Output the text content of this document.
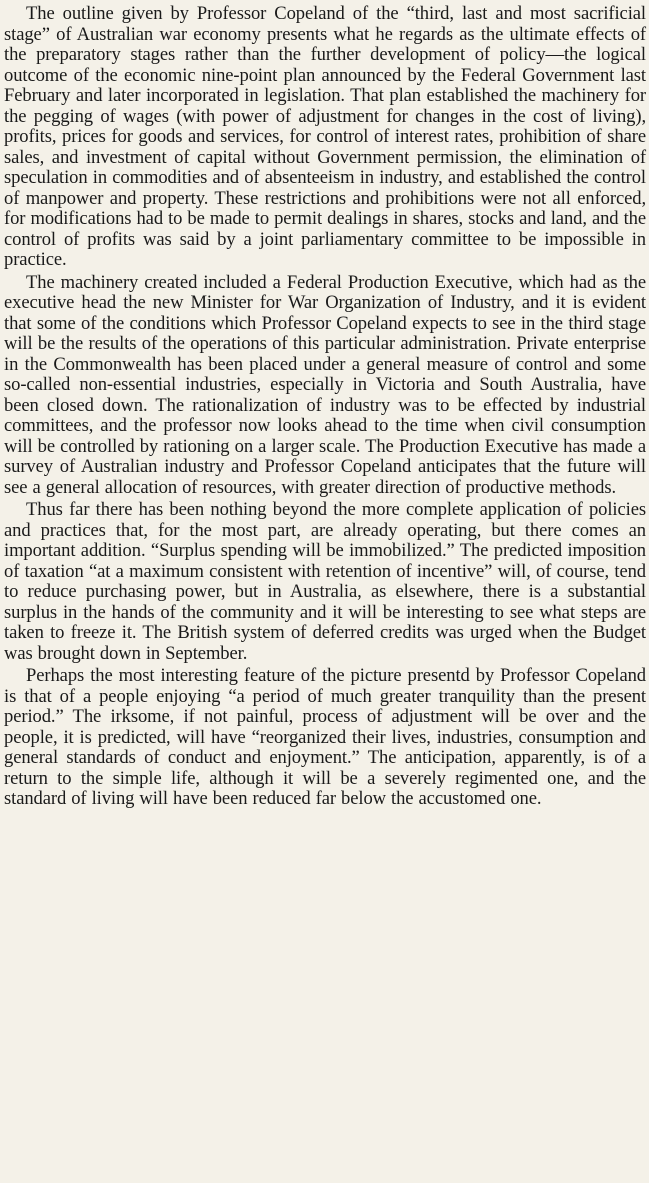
The outline given by Professor Copeland of the “third, last and most sacrificial stage” of Australian war economy presents what he regards as the ultimate effects of the preparatory stages rather than the further development of policy—the logical outcome of the economic nine-point plan announced by the Federal Government last February and later incorporated in legislation. That plan established the machinery for the pegging of wages (with power of adjustment for changes in the cost of living), profits, prices for goods and services, for control of interest rates, prohibition of share sales, and investment of capital without Government permission, the elimination of speculation in commodities and of absenteeism in industry, and established the control of manpower and property. These restrictions and prohibitions were not all enforced, for modifications had to be made to permit dealings in shares, stocks and land, and the control of profits was said by a joint parliamentary committee to be impossible in practice.

The machinery created included a Federal Production Executive, which had as the executive head the new Minister for War Organization of Industry, and it is evident that some of the conditions which Professor Copeland expects to see in the third stage will be the results of the operations of this particular administration. Private enterprise in the Commonwealth has been placed under a general measure of control and some so-called non-essential industries, especially in Victoria and South Australia, have been closed down. The rationalization of industry was to be effected by industrial committees, and the professor now looks ahead to the time when civil consumption will be controlled by rationing on a larger scale. The Production Executive has made a survey of Australian industry and Professor Copeland anticipates that the future will see a general allocation of resources, with greater direction of productive methods.

Thus far there has been nothing beyond the more complete application of policies and practices that, for the most part, are already operating, but there comes an important addition. “Surplus spending will be immobilized.” The predicted imposition of taxation “at a maximum consistent with retention of incentive” will, of course, tend to reduce purchasing power, but in Australia, as elsewhere, there is a substantial surplus in the hands of the community and it will be interesting to see what steps are taken to freeze it. The British system of deferred credits was urged when the Budget was brought down in September.

Perhaps the most interesting feature of the picture presentd by Professor Copeland is that of a people enjoying “a period of much greater tranquility than the present period.” The irksome, if not painful, process of adjustment will be over and the people, it is predicted, will have “reorganized their lives, industries, consumption and general standards of conduct and enjoyment.” The anticipation, apparently, is of a return to the simple life, although it will be a severely regimented one, and the standard of living will have been reduced far below the accustomed one.
